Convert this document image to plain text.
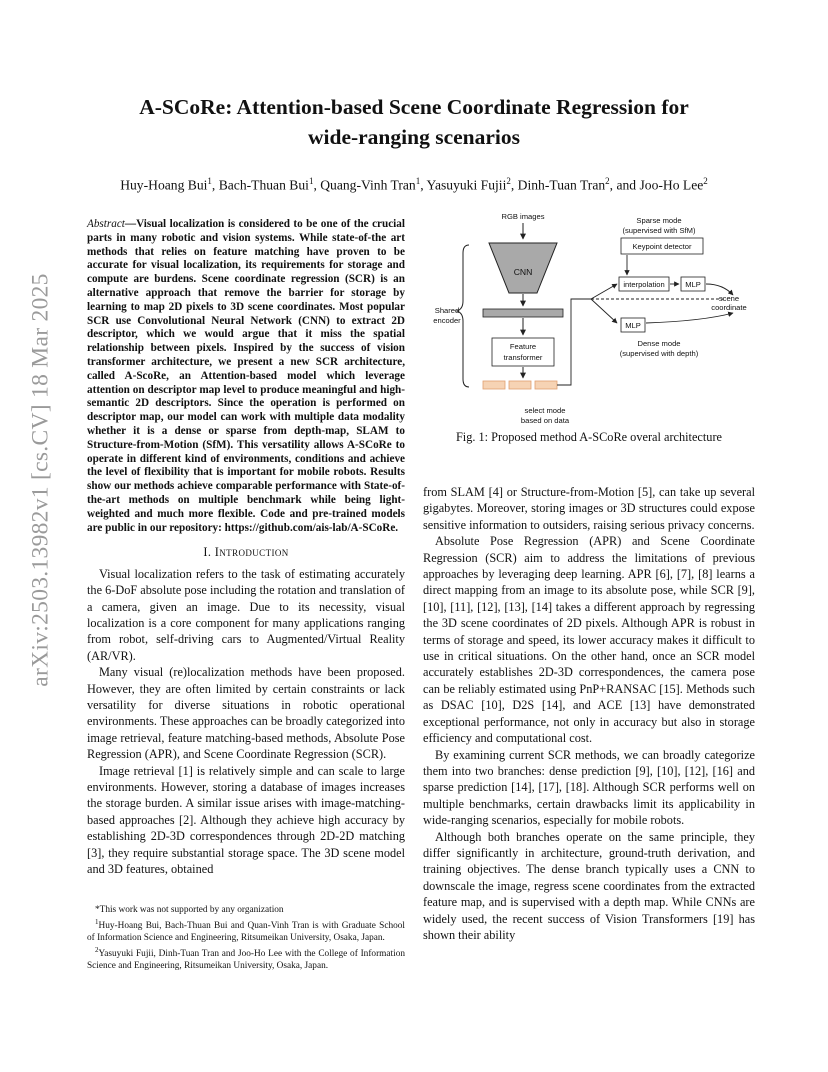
arXiv:2503.13982v1 [cs.CV] 18 Mar 2025
A-SCoRe: Attention-based Scene Coordinate Regression for
wide-ranging scenarios
Huy-Hoang Bui$^1$, Bach-Thuan Bui$^1$, Quang-Vinh Tran$^1$, Yasuyuki Fujii$^2$, Dinh-Tuan Tran$^2$, and Joo-Ho Lee$^2$
Abstract—Visual localization is considered to be one of the crucial parts in many robotic and vision systems. While state-of-the art methods that relies on feature matching have proven to be accurate for visual localization, its requirements for storage and compute are burdens. Scene coordinate regression (SCR) is an alternative approach that remove the barrier for storage by learning to map 2D pixels to 3D scene coordinates. Most popular SCR use Convolutional Neural Network (CNN) to extract 2D descriptor, which we would argue that it miss the spatial relationship between pixels. Inspired by the success of vision transformer architecture, we present a new SCR architecture, called A-ScoRe, an Attention-based model which leverage attention on descriptor map level to produce meaningful and high-semantic 2D descriptors. Since the operation is performed on descriptor map, our model can work with multiple data modality whether it is a dense or sparse from depth-map, SLAM to Structure-from-Motion (SfM). This versatility allows A-SCoRe to operate in different kind of environments, conditions and achieve the level of flexibility that is important for mobile robots. Results show our methods achieve comparable performance with State-of-the-art methods on multiple benchmark while being light-weighted and much more flexible. Code and pre-trained models are public in our repository: https://github.com/ais-lab/A-SCoRe.
I. Introduction

Visual localization refers to the task of estimating accurately the 6-DoF absolute pose including the rotation and translation of a camera, given an image. Due to its necessity, visual localization is a core component for many applications ranging from robot, self-driving cars to Augmented/Virtual Reality (AR/VR).

Many visual (re)localization methods have been proposed. However, they are often limited by certain constraints or lack versatility for diverse situations in robotic operational environments. These approaches can be broadly categorized into image retrieval, feature matching-based methods, Absolute Pose Regression (APR), and Scene Coordinate Regression (SCR).

Image retrieval [1] is relatively simple and can scale to large environments. However, storing a database of images increases the storage burden. A similar issue arises with image-matching-based approaches [2]. Although they achieve high accuracy by establishing 2D-3D correspondences through 2D-2D matching [3], they require substantial storage space. The 3D scene model and 3D features, obtained

RGB images
CNN
Feature
transformer
select mode
based on data
Shared
encoder
Sparse mode
(supervised with SfM)
Keypoint detector
interpolation	MLP
scene
coordinate
MLP
Dense mode
(supervised with depth)
Fig. 1: Proposed method A-SCoRe overal architecture

from SLAM [4] or Structure-from-Motion [5], can take up several gigabytes. Moreover, storing images or 3D structures could expose sensitive information to outsiders, raising serious privacy concerns.

Absolute Pose Regression (APR) and Scene Coordinate Regression (SCR) aim to address the limitations of previous approaches by leveraging deep learning. APR [6], [7], [8] learns a direct mapping from an image to its absolute pose, while SCR [9], [10], [11], [12], [13], [14] takes a different approach by regressing the 3D scene coordinates of 2D pixels. Although APR is robust in terms of storage and speed, its lower accuracy makes it difficult to use in critical situations. On the other hand, once an SCR model accurately establishes 2D-3D correspondences, the camera pose can be reliably estimated using PnP+RANSAC [15]. Methods such as DSAC [10], D2S [14], and ACE [13] have demonstrated exceptional performance, not only in accuracy but also in storage efficiency and computational cost.

By examining current SCR methods, we can broadly categorize them into two branches: dense prediction [9], [10], [12], [16] and sparse prediction [14], [17], [18]. Although SCR performs well on multiple benchmarks, certain drawbacks limit its applicability in wide-ranging scenarios, especially for mobile robots.

Although both branches operate on the same principle, they differ significantly in architecture, ground-truth derivation, and training objectives. The dense branch typically uses a CNN to downscale the image, regress scene coordinates from the extracted feature map, and is supervised with a depth map. While CNNs are widely used, the recent success of Vision Transformers [19] has shown their ability

*This work was not supported by any organization

$^1$Huy-Hoang Bui, Bach-Thuan Bui and Quan-Vinh Tran is with Graduate School of Information Science and Engineering, Ritsumeikan University, Osaka, Japan.

$^2$Yasuyuki Fujii, Dinh-Tuan Tran and Joo-Ho Lee with the College of Information Science and Engineering, Ritsumeikan University, Osaka, Japan.
